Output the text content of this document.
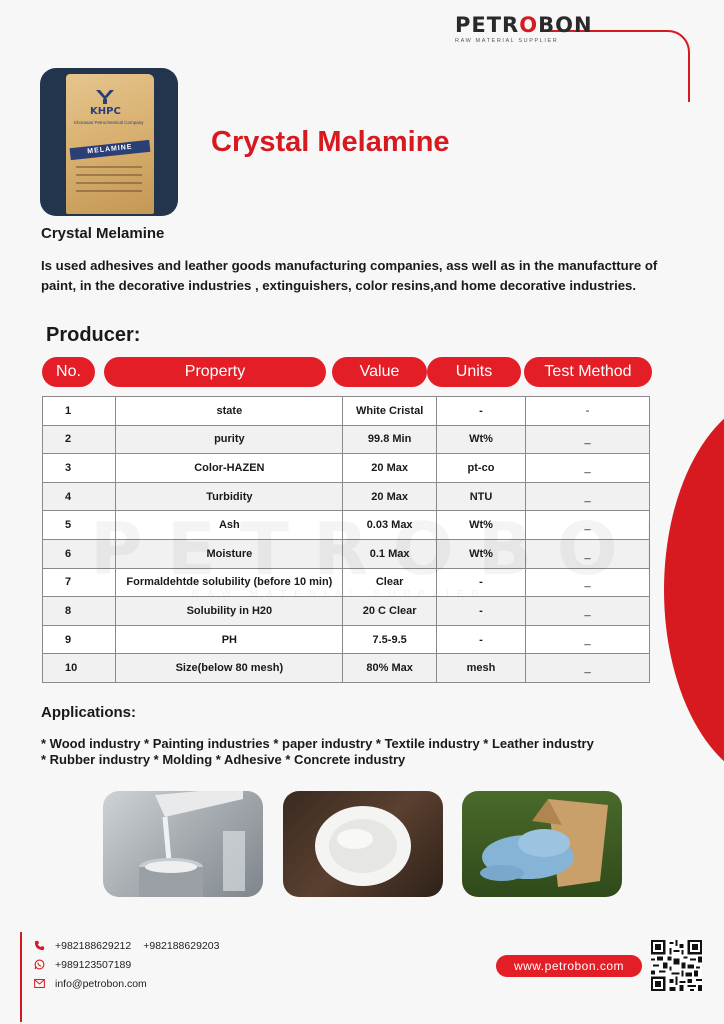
PETROBON
RAW MATERIAL SUPPLIER
KHPC
Khorasan Petrochemical Company
MELAMINE
Crystal Melamine
Crystal Melamine
Is used adhesives and leather goods manufacturing companies, ass well as in the manufactture of paint, in the decorative industries , extinguishers, color resins,and home decorative industries.
Producer:
No.	Property	Value	Units	Test Method
1	state	White Cristal	-	-
2	purity	99.8 Min	Wt%	_
3	Color-HAZEN	20 Max	pt-co	_
4	Turbidity	20 Max	NTU	_
5	Ash	0.03 Max	Wt%	_
6	Moisture	0.1 Max	Wt%	_
7	Formaldehtde solubility (before 10 min)	Clear	-	_
8	Solubility in H20	20 C Clear	-	_
9	PH	7.5-9.5	-	_
10	Size(below 80 mesh)	80% Max	mesh	_
Applications:
* Wood industry * Painting industries * paper industry * Textile industry * Leather industry
* Rubber industry * Molding * Adhesive * Concrete industry
+982188629212 +982188629203
+989123507189
info@petrobon.com
www.petrobon.com
